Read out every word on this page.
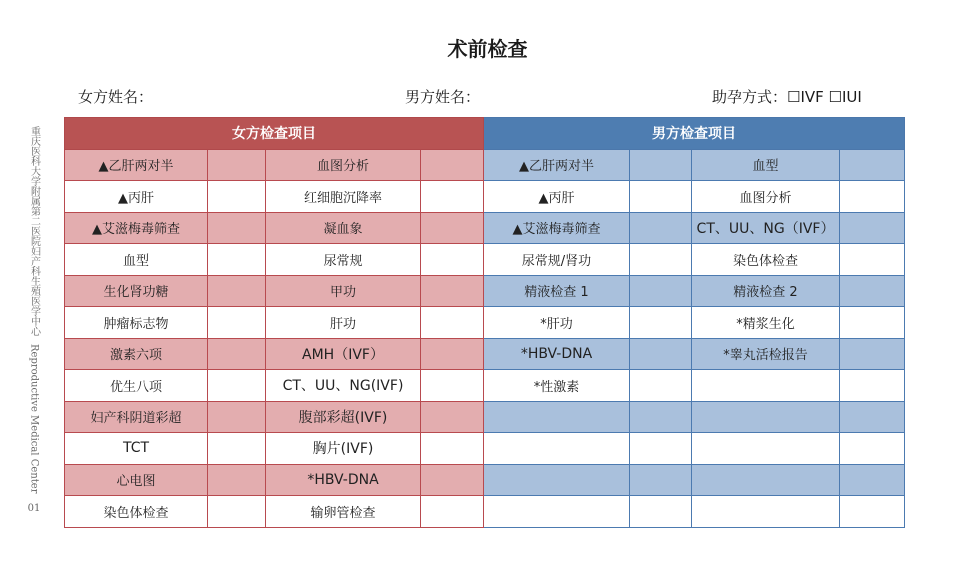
术前检查
女方姓名：	男方姓名：	助孕方式：☐IVF ☐IUI
重庆医科大学附属第二医院妇产科生殖医学中心
Reproductive Medical Center
01
女方检查项目				男方检查项目			
▲乙肝两对半		血图分析		▲乙肝两对半		血型	
▲丙肝		红细胞沉降率		▲丙肝		血图分析	
▲艾滋梅毒筛查		凝血象		▲艾滋梅毒筛查		CT、UU、NG（IVF）	
血型		尿常规		尿常规/肾功		染色体检查	
生化肾功糖		甲功		精液检查 1		精液检查 2	
肿瘤标志物		肝功		*肝功		*精浆生化	
激素六项		AMH（IVF）		*HBV-DNA		*睾丸活检报告	
优生八项		CT、UU、NG(IVF)		*性激素			
妇产科阴道彩超		腹部彩超(IVF)					
TCT		胸片(IVF)					
心电图		*HBV-DNA					
染色体检查		输卵管检查					
